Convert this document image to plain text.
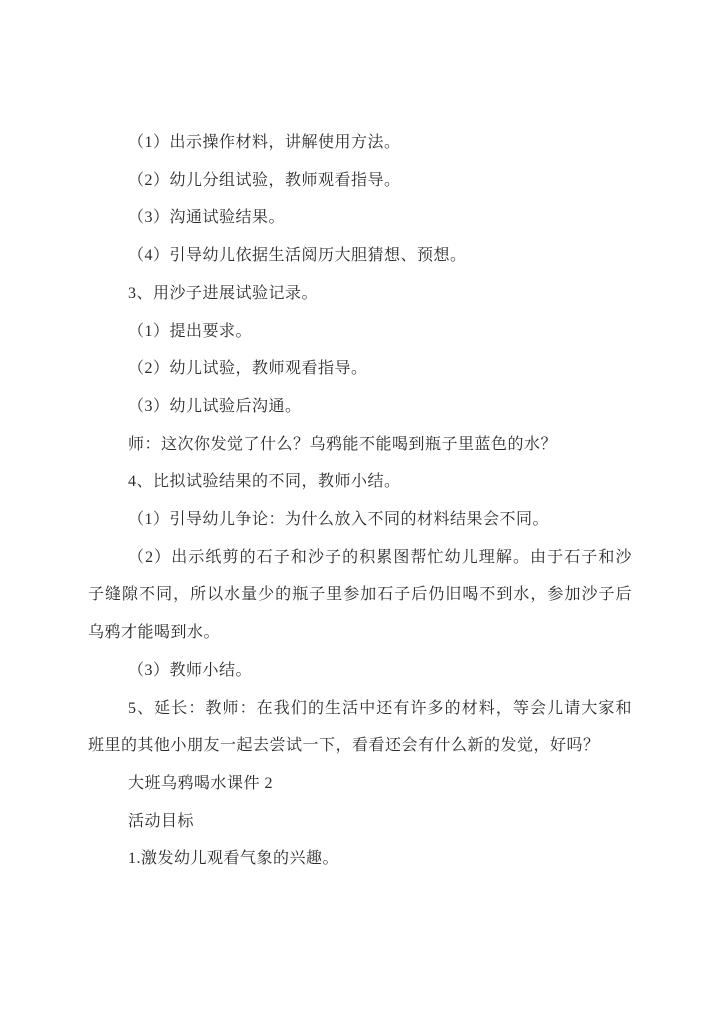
（1）出示操作材料，讲解使用方法。
（2）幼儿分组试验，教师观看指导。
（3）沟通试验结果。
（4）引导幼儿依据生活阅历大胆猜想、预想。
3、用沙子进展试验记录。
（1）提出要求。
（2）幼儿试验，教师观看指导。
（3）幼儿试验后沟通。
师：这次你发觉了什么？乌鸦能不能喝到瓶子里蓝色的水？
4、比拟试验结果的不同，教师小结。
（1）引导幼儿争论：为什么放入不同的材料结果会不同。
（2）出示纸剪的石子和沙子的积累图帮忙幼儿理解。由于石子和沙
子缝隙不同，所以水量少的瓶子里参加石子后仍旧喝不到水，参加沙子后
乌鸦才能喝到水。
（3）教师小结。
5、延长：教师：在我们的生活中还有许多的材料，等会儿请大家和
班里的其他小朋友一起去尝试一下，看看还会有什么新的发觉，好吗？
大班乌鸦喝水课件 2
活动目标
1.激发幼儿观看气象的兴趣。
